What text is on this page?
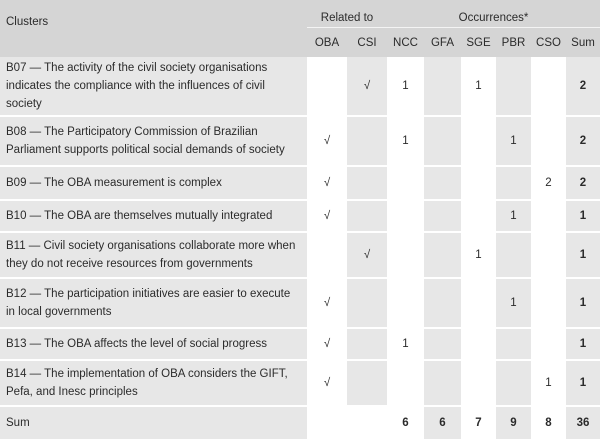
	Related to		Occurrences*					
Clusters	OBA	CSI	NCC	GFA	SGE	PBR	CSO	Sum
B07 — The activity of the civil society organisations indicates the compliance with the influences of civil society		√	1		1			2
B08 — The Participatory Commission of Brazilian Parliament supports political social demands of society	√		1			1		2
B09 — The OBA measurement is complex	√						2	2
B10 — The OBA are themselves mutually integrated	√					1		1
B11 — Civil society organisations collaborate more when they do not receive resources from governments		√			1			1
B12 — The participation initiatives are easier to execute in local governments	√					1		1
B13 — The OBA affects the level of social progress	√		1					1
B14 — The implementation of OBA considers the GIFT, Pefa, and Inesc principles	√						1	1
Sum			6	6	7	9	8	36
